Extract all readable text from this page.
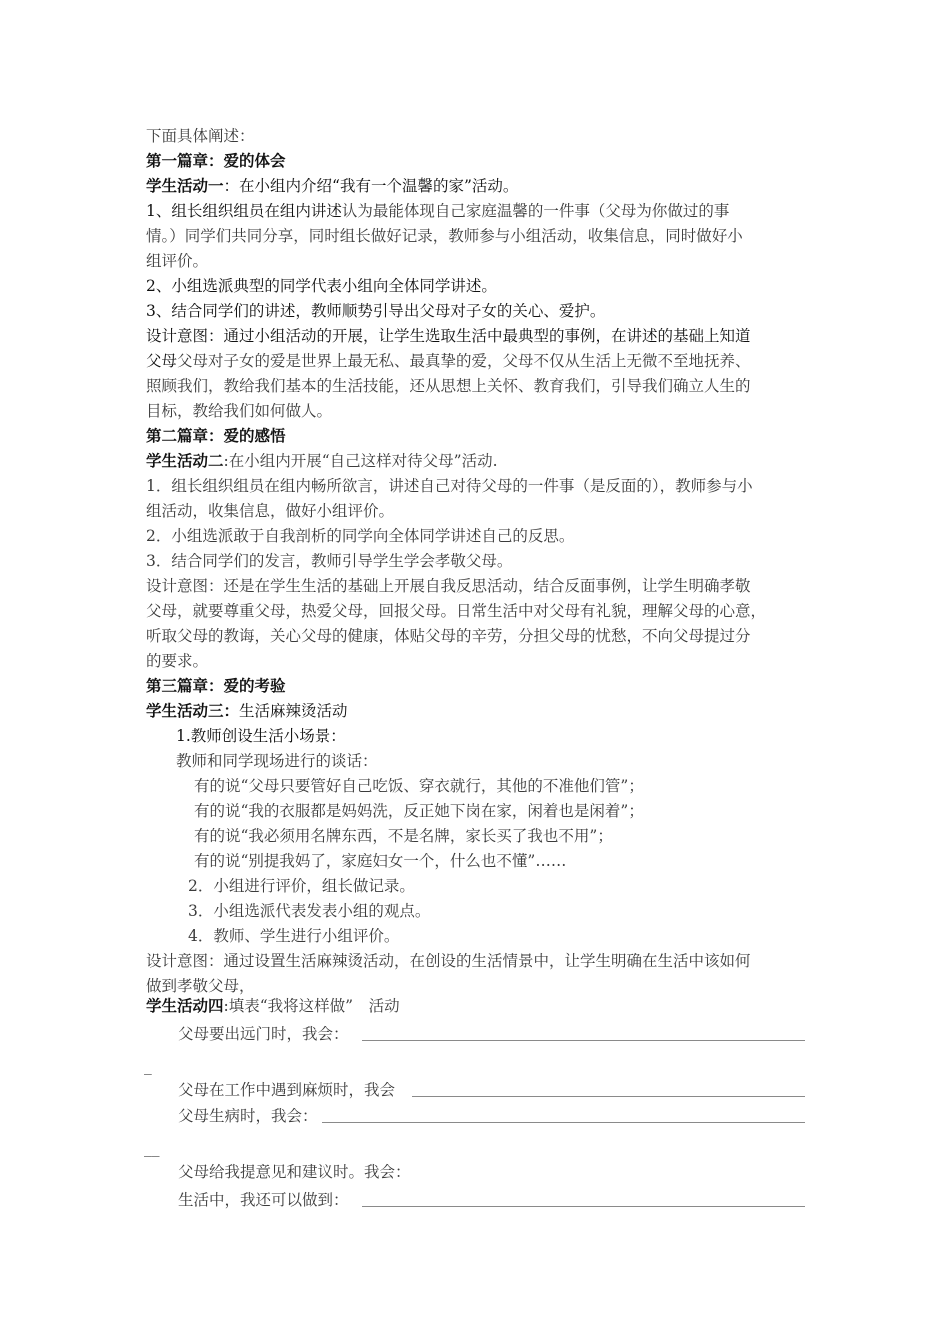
下面具体阐述：
第一篇章：爱的体会
学生活动一：在小组内介绍“我有一个温馨的家”活动。
1、组长组织组员在组内讲述认为最能体现自己家庭温馨的一件事（父母为你做过的事
情。）同学们共同分享，同时组长做好记录，教师参与小组活动，收集信息，同时做好小
组评价。
2、小组选派典型的同学代表小组向全体同学讲述。
3、结合同学们的讲述，教师顺势引导出父母对子女的关心、爱护。
设计意图：通过小组活动的开展，让学生选取生活中最典型的事例，在讲述的基础上知道
父母父母对子女的爱是世界上最无私、最真挚的爱，父母不仅从生活上无微不至地抚养、
照顾我们，教给我们基本的生活技能，还从思想上关怀、教育我们，引导我们确立人生的
目标，教给我们如何做人。
第二篇章：爱的感悟
学生活动二:在小组内开展“自己这样对待父母”活动.
1．组长组织组员在组内畅所欲言，讲述自己对待父母的一件事（是反面的），教师参与小
组活动，收集信息，做好小组评价。
2．小组选派敢于自我剖析的同学向全体同学讲述自己的反思。
3．结合同学们的发言，教师引导学生学会孝敬父母。
设计意图：还是在学生生活的基础上开展自我反思活动，结合反面事例，让学生明确孝敬
父母，就要尊重父母，热爱父母，回报父母。日常生活中对父母有礼貌，理解父母的心意，
听取父母的教诲，关心父母的健康，体贴父母的辛劳，分担父母的忧愁，不向父母提过分
的要求。
第三篇章：爱的考验
学生活动三：生活麻辣烫活动
1.教师创设生活小场景：
教师和同学现场进行的谈话：
有的说“父母只要管好自己吃饭、穿衣就行，其他的不准他们管”；
有的说“我的衣服都是妈妈洗，反正她下岗在家，闲着也是闲着”；
有的说“我必须用名牌东西，不是名牌，家长买了我也不用”；
有的说“别提我妈了，家庭妇女一个，什么也不懂”……
2．小组进行评价，组长做记录。
3．小组选派代表发表小组的观点。
4．教师、学生进行小组评价。
设计意图：通过设置生活麻辣烫活动，在创设的生活情景中，让学生明确在生活中该如何
做到孝敬父母，
学生活动四:填表“我将这样做”　活动
父母要出远门时，我会：
_
父母在工作中遇到麻烦时，我会
父母生病时，我会：
__
父母给我提意见和建议时。我会：
生活中，我还可以做到：
